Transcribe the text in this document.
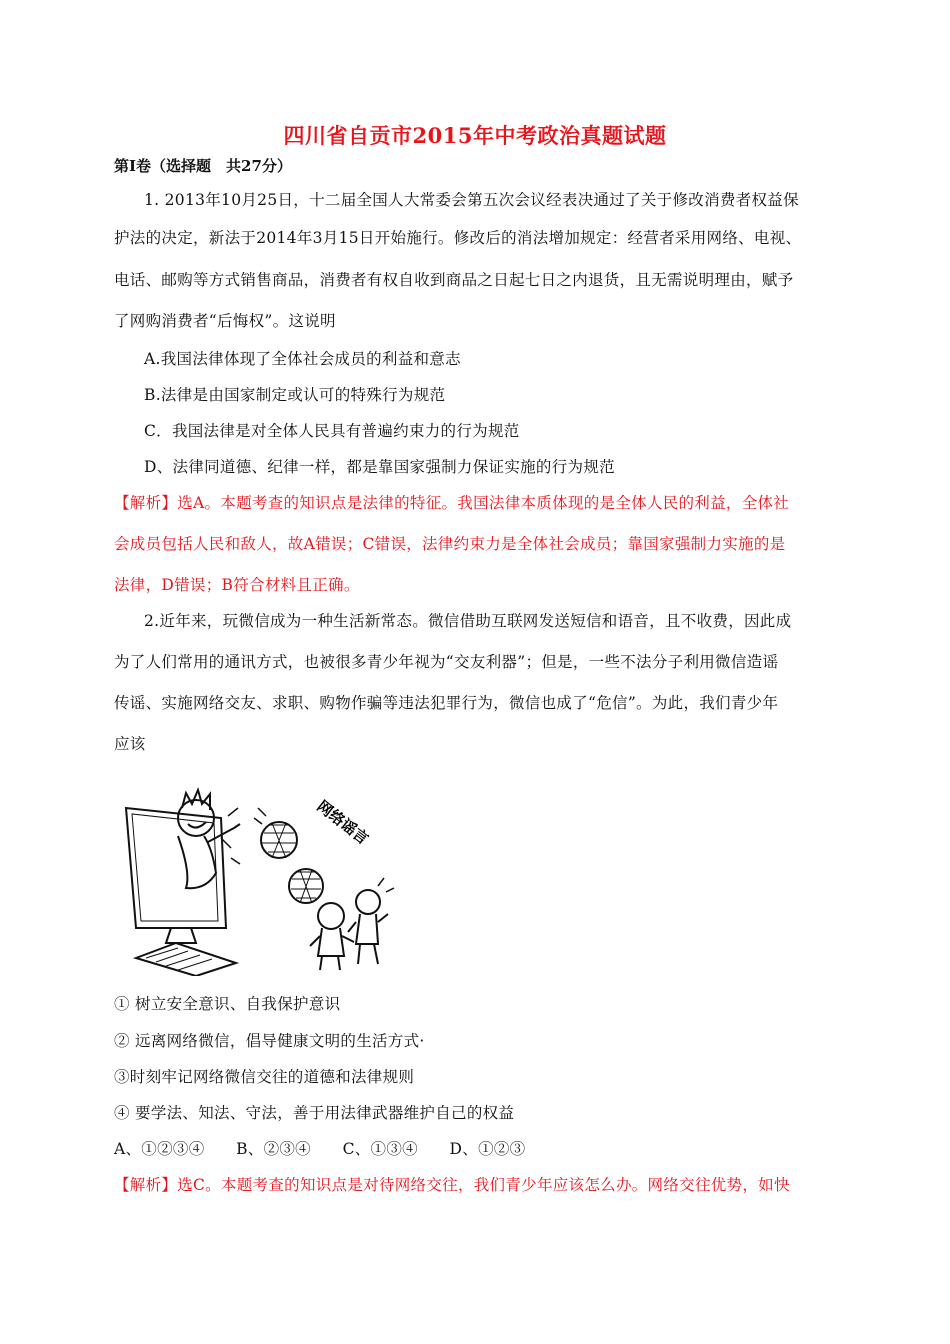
四川省自贡市2015年中考政治真题试题
第Ⅰ卷（选择题　共27分）
1. 2013年10月25日，十二届全国人大常委会第五次会议经表决通过了关于修改消费者权益保
护法的决定，新法于2014年3月15日开始施行。修改后的消法增加规定：经营者采用网络、电视、
电话、邮购等方式销售商品，消费者有权自收到商品之日起七日之内退货，且无需说明理由，赋予
了网购消费者“后悔权”。这说明
A.我国法律体现了全体社会成员的利益和意志
B.法律是由国家制定或认可的特殊行为规范
C．我国法律是对全体人民具有普遍约束力的行为规范
D、法律同道德、纪律一样，都是靠国家强制力保证实施的行为规范
【解析】选A。本题考查的知识点是法律的特征。我国法律本质体现的是全体人民的利益，全体社
会成员包括人民和敌人，故A错误；C错误，法律约束力是全体社会成员；靠国家强制力实施的是
法律，D错误；B符合材料且正确。
2.近年来，玩微信成为一种生活新常态。微信借助互联网发送短信和语音，且不收费，因此成
为了人们常用的通讯方式，也被很多青少年视为“交友利器”；但是，一些不法分子利用微信造谣
传谣、实施网络交友、求职、购物作骗等违法犯罪行为，微信也成了“危信”。为此，我们青少年
应该
网络谣言
① 树立安全意识、自我保护意识
② 远离网络微信，倡导健康文明的生活方式·
③时刻牢记网络微信交往的道德和法律规则
④ 要学法、知法、守法，善于用法律武器维护自己的权益
A、①②③④　　B、②③④　　C、①③④　　D、①②③
【解析】选C。本题考查的知识点是对待网络交往，我们青少年应该怎么办。网络交往优势，如快
